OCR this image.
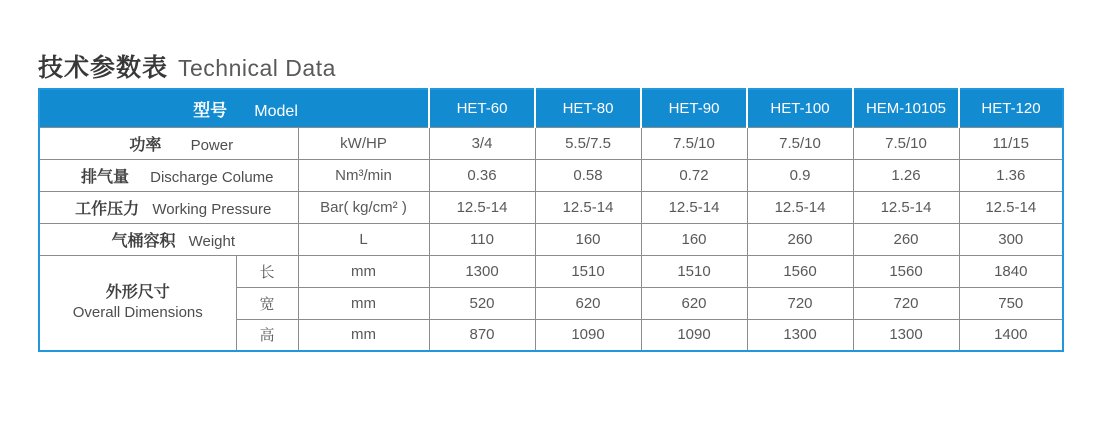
技术参数表 Technical Data
型号 Model			HET-60	HET-80	HET-90	HET-100	HEM-10105	HET-120
功率 Power		kW/HP	3/4	5.5/7.5	7.5/10	7.5/10	7.5/10	11/15
排气量 Discharge Colume		Nm³/min	0.36	0.58	0.72	0.9	1.26	1.36
工作压力 Working Pressure		Bar( kg/cm² )	12.5-14	12.5-14	12.5-14	12.5-14	12.5-14	12.5-14
气桶容积 Weight		L	110	160	160	260	260	300

外形尺寸
Overall Dimensions	长	mm	1300	1510	1510	1560	1560	1840
	宽	mm	520	620	620	720	720	750
	高	mm	870	1090	1090	1300	1300	1400
